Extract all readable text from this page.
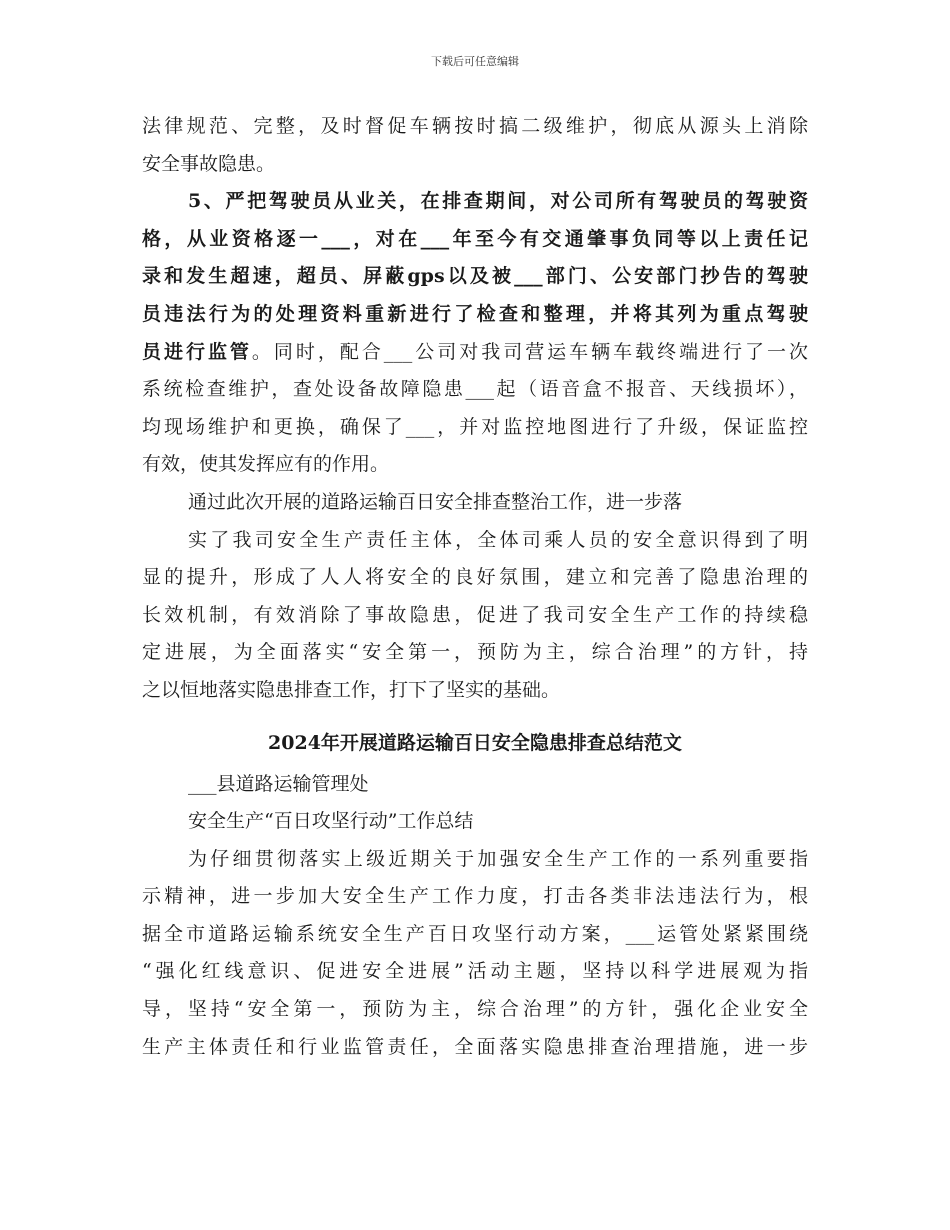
下载后可任意编辑
法律规范、完整，及时督促车辆按时搞二级维护，彻底从源头上消除
安全事故隐患。
5、严把驾驶员从业关，在排查期间，对公司所有驾驶员的驾驶资
格，从业资格逐一___，对在___年至今有交通肇事负同等以上责任记
录和发生超速，超员、屏蔽gps以及被___部门、公安部门抄告的驾驶
员违法行为的处理资料重新进行了检查和整理，并将其列为重点驾驶
员进行监管。同时，配合___公司对我司营运车辆车载终端进行了一次
系统检查维护，查处设备故障隐患___起（语音盒不报音、天线损坏），
均现场维护和更换，确保了___，并对监控地图进行了升级，保证监控
有效，使其发挥应有的作用。
通过此次开展的道路运输百日安全排查整治工作，进一步落
实了我司安全生产责任主体，全体司乘人员的安全意识得到了明
显的提升，形成了人人将安全的良好氛围，建立和完善了隐患治理的
长效机制，有效消除了事故隐患，促进了我司安全生产工作的持续稳
定进展，为全面落实“安全第一，预防为主，综合治理”的方针，持
之以恒地落实隐患排查工作，打下了坚实的基础。
2024年开展道路运输百日安全隐患排查总结范文
___县道路运输管理处
安全生产“百日攻坚行动”工作总结
为仔细贯彻落实上级近期关于加强安全生产工作的一系列重要指
示精神，进一步加大安全生产工作力度，打击各类非法违法行为，根
据全市道路运输系统安全生产百日攻坚行动方案，___运管处紧紧围绕
“强化红线意识、促进安全进展”活动主题，坚持以科学进展观为指
导，坚持“安全第一，预防为主，综合治理”的方针，强化企业安全
生产主体责任和行业监管责任，全面落实隐患排查治理措施，进一步
